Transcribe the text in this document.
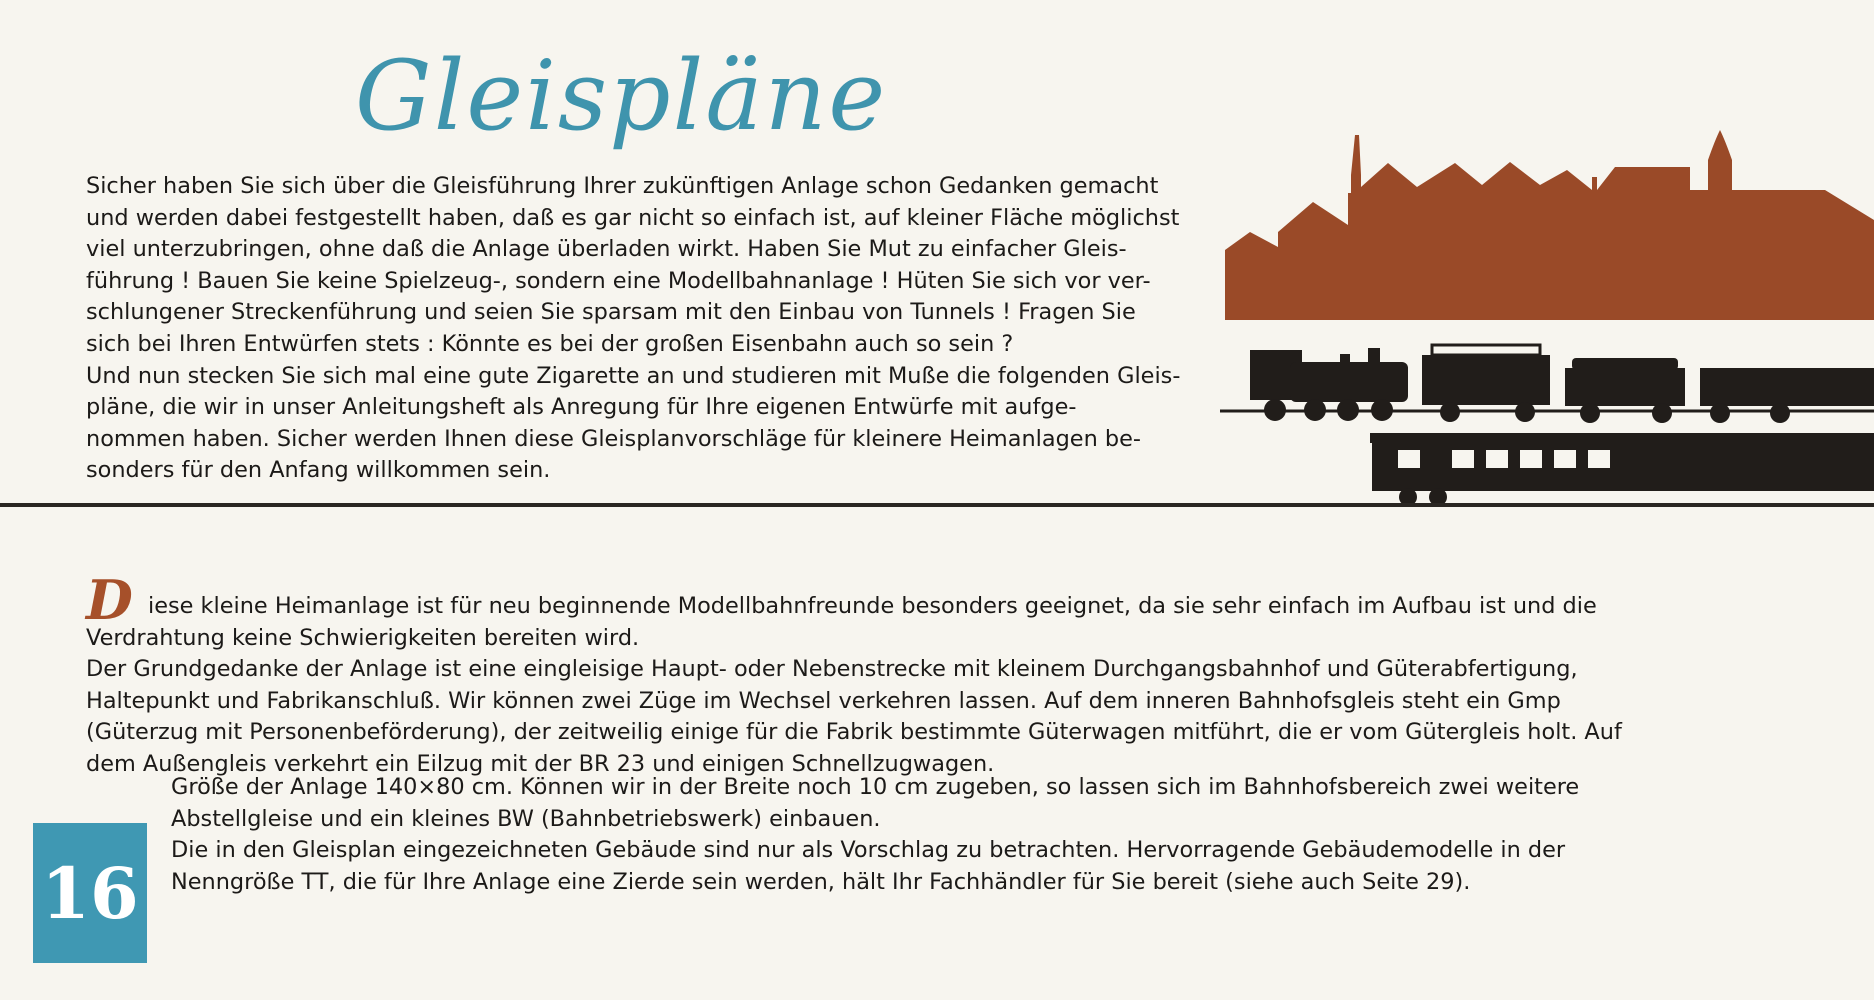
Gleispläne

Sicher haben Sie sich über die Gleisführung Ihrer zukünftigen Anlage schon Gedanken gemacht
und werden dabei festgestellt haben, daß es gar nicht so einfach ist, auf kleiner Fläche möglichst
viel unterzubringen, ohne daß die Anlage überladen wirkt. Haben Sie Mut zu einfacher Gleis-
führung ! Bauen Sie keine Spielzeug-, sondern eine Modellbahnanlage ! Hüten Sie sich vor ver-
schlungener Streckenführung und seien Sie sparsam mit den Einbau von Tunnels ! Fragen Sie
sich bei Ihren Entwürfen stets : Könnte es bei der großen Eisenbahn auch so sein ?
Und nun stecken Sie sich mal eine gute Zigarette an und studieren mit Muße die folgenden Gleis-
pläne, die wir in unser Anleitungsheft als Anregung für Ihre eigenen Entwürfe mit aufge-
nommen haben. Sicher werden Ihnen diese Gleisplanvorschläge für kleinere Heimanlagen be-
sonders für den Anfang willkommen sein.

Diese kleine Heimanlage ist für neu beginnende Modellbahnfreunde besonders geeignet, da sie sehr einfach im Aufbau ist und die Verdrahtung keine Schwierigkeiten bereiten wird.

Der Grundgedanke der Anlage ist eine eingleisige Haupt- oder Nebenstrecke mit kleinem Durchgangsbahnhof und Güterabfertigung, Haltepunkt und Fabrikanschluß. Wir können zwei Züge im Wechsel verkehren lassen. Auf dem inneren Bahnhofsgleis steht ein Gmp (Güterzug mit Personenbeförderung), der zeitweilig einige für die Fabrik bestimmte Güterwagen mitführt, die er vom Gütergleis holt. Auf dem Außengleis verkehrt ein Eilzug mit der BR 23 und einigen Schnellzugwagen.

Größe der Anlage 140×80 cm. Können wir in der Breite noch 10 cm zugeben, so lassen sich im Bahnhofsbereich zwei weitere Abstellgleise und ein kleines BW (Bahnbetriebswerk) einbauen.

Die in den Gleisplan eingezeichneten Gebäude sind nur als Vorschlag zu betrachten. Hervorragende Gebäudemodelle in der Nenngröße TT, die für Ihre Anlage eine Zierde sein werden, hält Ihr Fachhändler für Sie bereit (siehe auch Seite 29).

16
